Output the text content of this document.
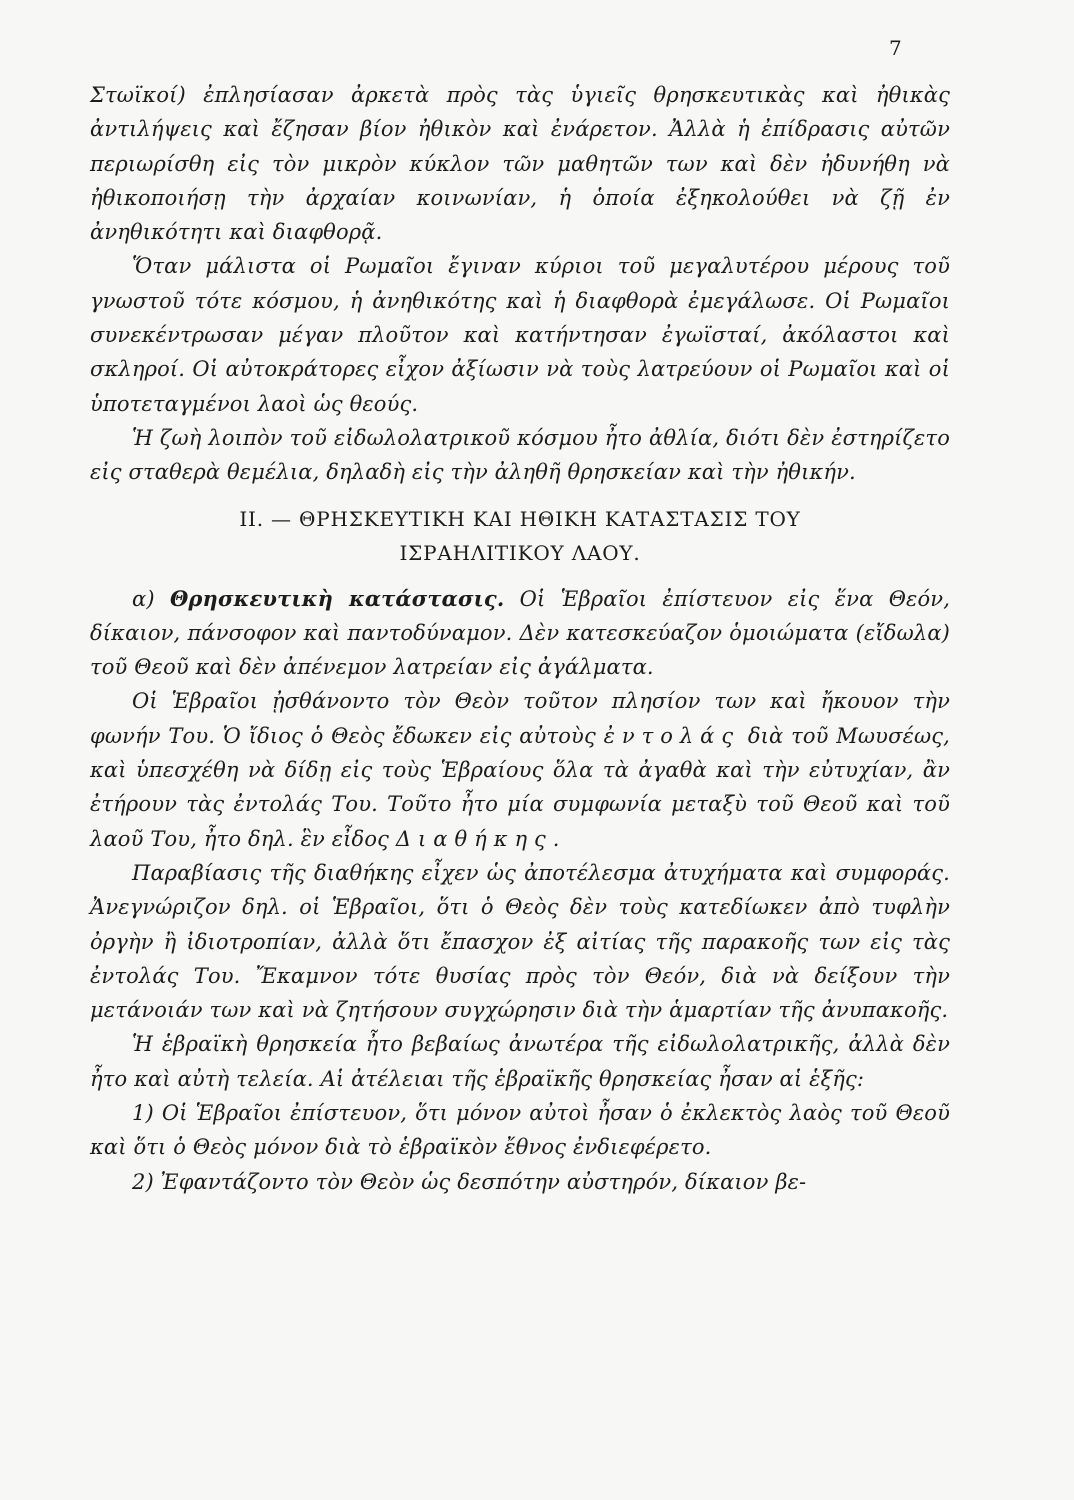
7

Στωϊκοί) ἐπλησίασαν ἀρκετὰ πρὸς τὰς ὑγιεῖς θρησκευτικὰς καὶ ἠθικὰς ἀντιλήψεις καὶ ἔζησαν βίον ἠθικὸν καὶ ἐνάρετον. Ἀλλὰ ἡ ἐπίδρασις αὐτῶν περιωρίσθη εἰς τὸν μικρὸν κύκλον τῶν μαθητῶν των καὶ δὲν ἠδυνήθη νὰ ἠθικοποιήσῃ τὴν ἀρχαίαν κοινωνίαν, ἡ ὁποία ἐξηκολούθει νὰ ζῇ ἐν ἀνηθικότητι καὶ διαφθορᾷ.

Ὅταν μάλιστα οἱ Ρωμαῖοι ἔγιναν κύριοι τοῦ μεγαλυτέρου μέρους τοῦ γνωστοῦ τότε κόσμου, ἡ ἀνηθικότης καὶ ἡ διαφθορὰ ἐμεγάλωσε. Οἱ Ρωμαῖοι συνεκέντρωσαν μέγαν πλοῦτον καὶ κατήντησαν ἐγωϊσταί, ἀκόλαστοι καὶ σκληροί. Οἱ αὐτοκράτορες εἶχον ἀξίωσιν νὰ τοὺς λατρεύουν οἱ Ρωμαῖοι καὶ οἱ ὑποτεταγμένοι λαοὶ ὡς θεούς.

Ἡ ζωὴ λοιπὸν τοῦ εἰδωλολατρικοῦ κόσμου ἦτο ἀθλία, διότι δὲν ἐστηρίζετο εἰς σταθερὰ θεμέλια, δηλαδὴ εἰς τὴν ἀληθῆ θρησκείαν καὶ τὴν ἠθικήν.

II. — ΘΡΗΣΚΕΥΤΙΚΗ ΚΑΙ ΗΘΙΚΗ ΚΑΤΑΣΤΑΣΙΣ ΤΟΥ
ΙΣΡΑΗΛΙΤΙΚΟΥ ΛΑΟΥ.

α) Θρησκευτικὴ κατάστασις. Οἱ Ἑβραῖοι ἐπίστευον εἰς ἕνα Θεόν, δίκαιον, πάνσοφον καὶ παντοδύναμον. Δὲν κατεσκεύαζον ὁμοιώματα (εἴδωλα) τοῦ Θεοῦ καὶ δὲν ἀπένεμον λατρείαν εἰς ἀγάλματα.

Οἱ Ἑβραῖοι ᾐσθάνοντο τὸν Θεὸν τοῦτον πλησίον των καὶ ἤκουον τὴν φωνήν Του. Ὁ ἴδιος ὁ Θεὸς ἔδωκεν εἰς αὐτοὺς ἐντολάς διὰ τοῦ Μωυσέως, καὶ ὑπεσχέθη νὰ δίδῃ εἰς τοὺς Ἑβραίους ὅλα τὰ ἀγαθὰ καὶ τὴν εὐτυχίαν, ἂν ἐτήρουν τὰς ἐντολάς Του. Τοῦτο ἦτο μία συμφωνία μεταξὺ τοῦ Θεοῦ καὶ τοῦ λαοῦ Του, ἦτο δηλ. ἓν εἶδος Διαθήκης.

Παραβίασις τῆς διαθήκης εἶχεν ὡς ἀποτέλεσμα ἀτυχήματα καὶ συμφοράς. Ἀνεγνώριζον δηλ. οἱ Ἑβραῖοι, ὅτι ὁ Θεὸς δὲν τοὺς κατεδίωκεν ἀπὸ τυφλὴν ὀργὴν ἢ ἰδιοτροπίαν, ἀλλὰ ὅτι ἔπασχον ἐξ αἰτίας τῆς παρακοῆς των εἰς τὰς ἐντολάς Του. Ἔκαμνον τότε θυσίας πρὸς τὸν Θεόν, διὰ νὰ δείξουν τὴν μετάνοιάν των καὶ νὰ ζητήσουν συγχώρησιν διὰ τὴν ἁμαρτίαν τῆς ἀνυπακοῆς.

Ἡ ἑβραϊκὴ θρησκεία ἦτο βεβαίως ἀνωτέρα τῆς εἰδωλολατρικῆς, ἀλλὰ δὲν ἦτο καὶ αὐτὴ τελεία. Αἱ ἀτέλειαι τῆς ἑβραϊκῆς θρησκείας ἦσαν αἱ ἑξῆς:

1) Οἱ Ἑβραῖοι ἐπίστευον, ὅτι μόνον αὐτοὶ ἦσαν ὁ ἐκλεκτὸς λαὸς τοῦ Θεοῦ καὶ ὅτι ὁ Θεὸς μόνον διὰ τὸ ἑβραϊκὸν ἔθνος ἐνδιεφέρετο.

2) Ἐφαντάζοντο τὸν Θεὸν ὡς δεσπότην αὐστηρόν, δίκαιον βε-
